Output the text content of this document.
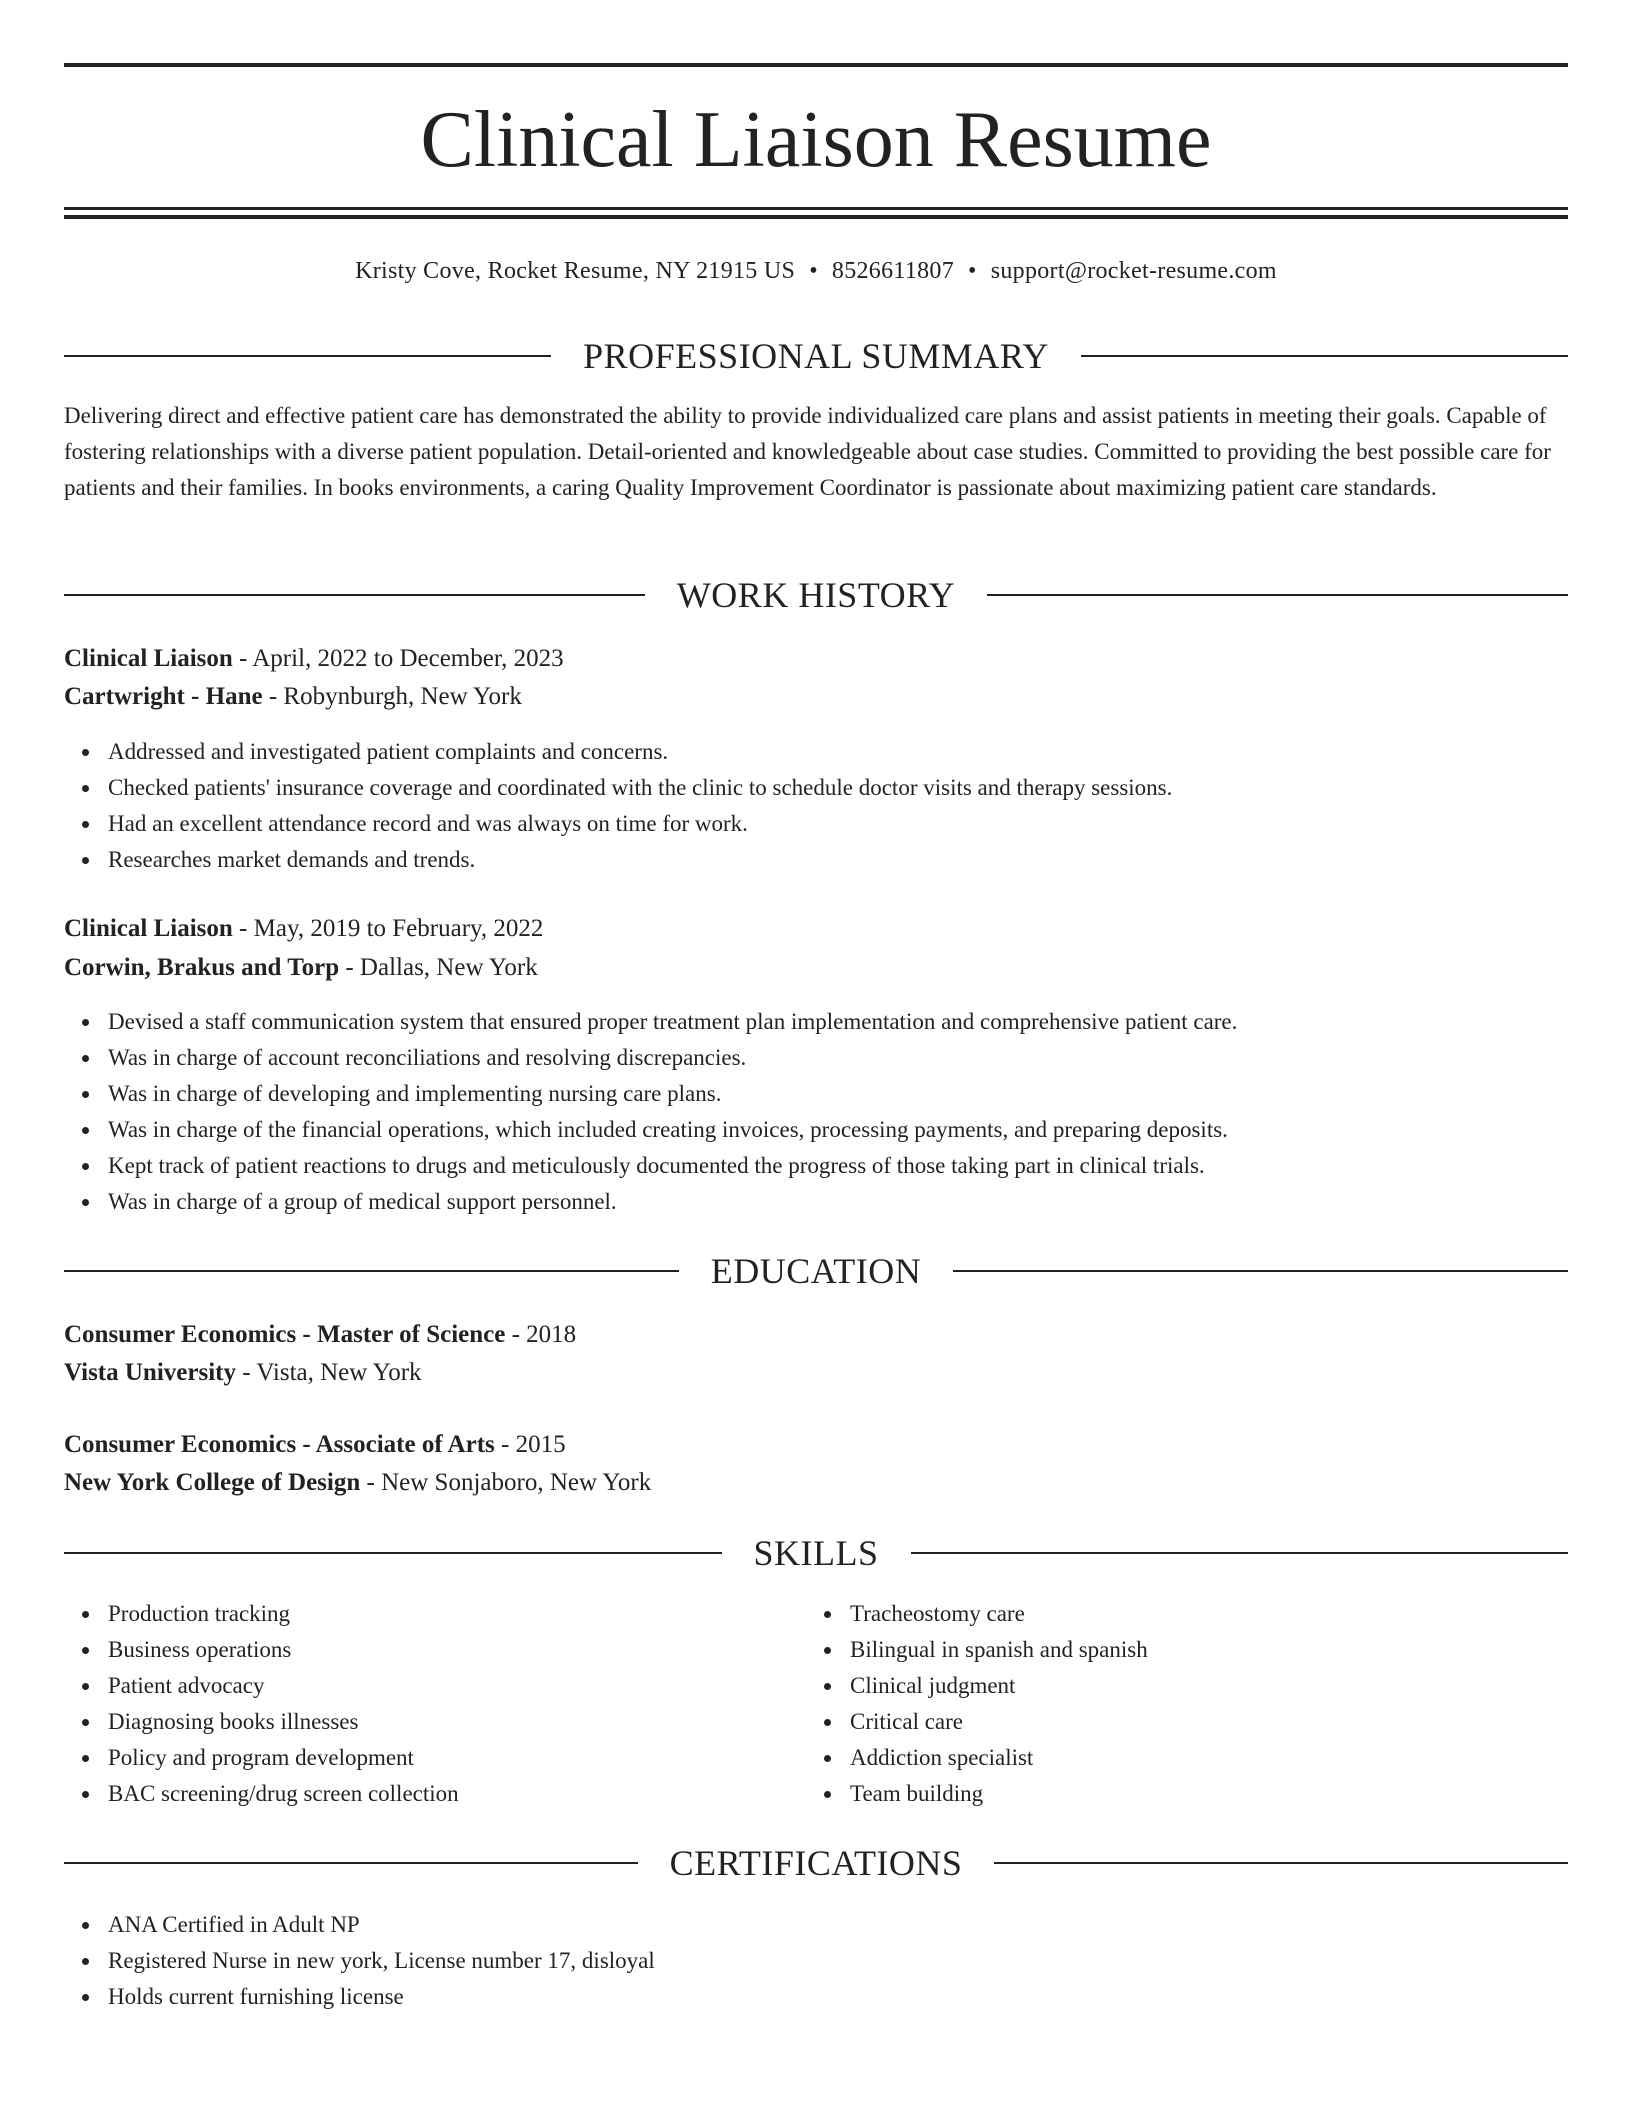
Clinical Liaison Resume
Kristy Cove, Rocket Resume, NY 21915 US • 8526611807 • support@rocket-resume.com
PROFESSIONAL SUMMARY

Delivering direct and effective patient care has demonstrated the ability to provide individualized care plans and assist patients in meeting their goals. Capable of fostering relationships with a diverse patient population. Detail-oriented and knowledgeable about case studies. Committed to providing the best possible care for patients and their families. In books environments, a caring Quality Improvement Coordinator is passionate about maximizing patient care standards.

WORK HISTORY
Clinical Liaison - April, 2022 to December, 2023
Cartwright - Hane - Robynburgh, New York
Addressed and investigated patient complaints and concerns.
Checked patients' insurance coverage and coordinated with the clinic to schedule doctor visits and therapy sessions.
Had an excellent attendance record and was always on time for work.
Researches market demands and trends.
Clinical Liaison - May, 2019 to February, 2022
Corwin, Brakus and Torp - Dallas, New York
Devised a staff communication system that ensured proper treatment plan implementation and comprehensive patient care.
Was in charge of account reconciliations and resolving discrepancies.
Was in charge of developing and implementing nursing care plans.
Was in charge of the financial operations, which included creating invoices, processing payments, and preparing deposits.
Kept track of patient reactions to drugs and meticulously documented the progress of those taking part in clinical trials.
Was in charge of a group of medical support personnel.
EDUCATION
Consumer Economics - Master of Science - 2018
Vista University - Vista, New York
Consumer Economics - Associate of Arts - 2015
New York College of Design - New Sonjaboro, New York
SKILLS
Production tracking
Business operations
Patient advocacy
Diagnosing books illnesses
Policy and program development
BAC screening/drug screen collection
Tracheostomy care
Bilingual in spanish and spanish
Clinical judgment
Critical care
Addiction specialist
Team building
CERTIFICATIONS
ANA Certified in Adult NP
Registered Nurse in new york, License number 17, disloyal
Holds current furnishing license
